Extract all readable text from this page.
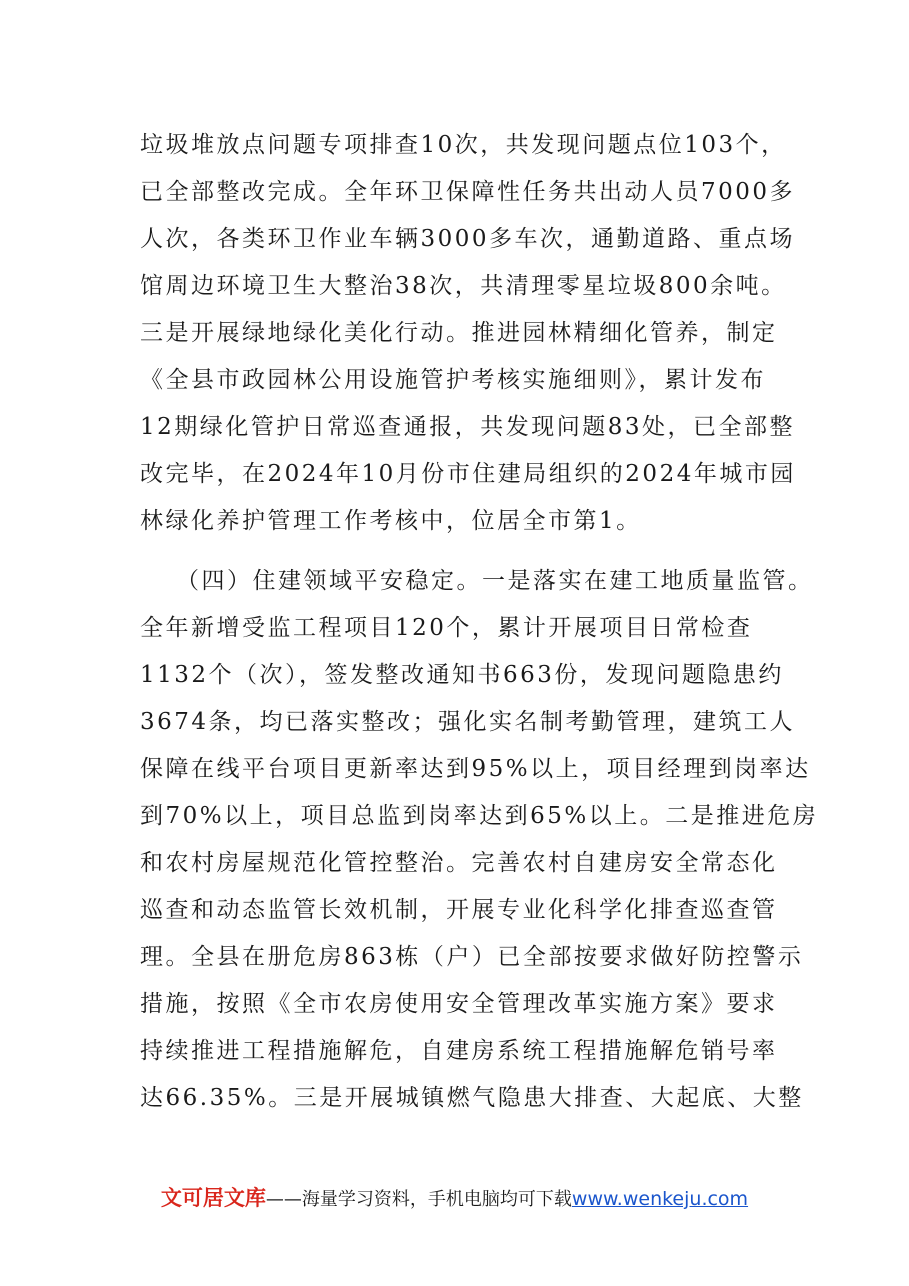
垃圾堆放点问题专项排查10次，共发现问题点位103个，

已全部整改完成。全年环卫保障性任务共出动人员7000多

人次，各类环卫作业车辆3000多车次，通勤道路、重点场

馆周边环境卫生大整治38次，共清理零星垃圾800余吨。

三是开展绿地绿化美化行动。推进园林精细化管养，制定

《全县市政园林公用设施管护考核实施细则》，累计发布

12期绿化管护日常巡查通报，共发现问题83处，已全部整

改完毕，在2024年10月份市住建局组织的2024年城市园

林绿化养护管理工作考核中，位居全市第1。

（四）住建领域平安稳定。一是落实在建工地质量监管。

全年新增受监工程项目120个，累计开展项目日常检查

1132个（次），签发整改通知书663份，发现问题隐患约

3674条，均已落实整改；强化实名制考勤管理，建筑工人

保障在线平台项目更新率达到95%以上，项目经理到岗率达

到70%以上，项目总监到岗率达到65%以上。二是推进危房

和农村房屋规范化管控整治。完善农村自建房安全常态化

巡查和动态监管长效机制，开展专业化科学化排查巡查管

理。全县在册危房863栋（户）已全部按要求做好防控警示

措施，按照《全市农房使用安全管理改革实施方案》要求

持续推进工程措施解危，自建房系统工程措施解危销号率

达66.35%。三是开展城镇燃气隐患大排查、大起底、大整

文可居文库——海量学习资料，手机电脑均可下载www.wenkeju.com
